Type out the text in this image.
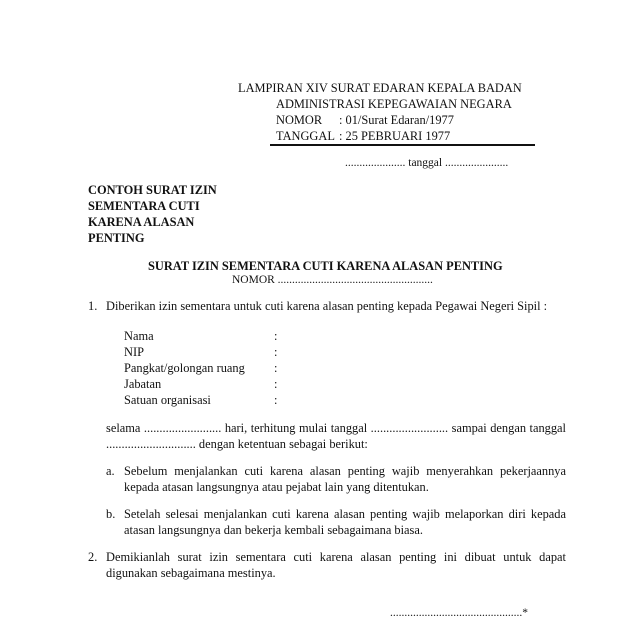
LAMPIRAN XIV SURAT EDARAN KEPALA BADAN
ADMINISTRASI KEPEGAWAIAN NEGARA
NOMOR : 01/Surat Edaran/1977
TANGGAL : 25 PEBRUARI 1977
..................... tanggal ......................
CONTOH SURAT IZIN
SEMENTARA CUTI
KARENA ALASAN
PENTING
SURAT IZIN SEMENTARA CUTI KARENA ALASAN PENTING
NOMOR ......................................................
1. Diberikan izin sementara untuk cuti karena alasan penting kepada Pegawai Negeri Sipil :
Nama	:
NIP	:
Pangkat/golongan ruang :
Jabatan	:
Satuan organisasi	:
selama ......................... hari, terhitung mulai tanggal ......................... sampai dengan tanggal
............................. dengan ketentuan sebagai berikut:
a. Sebelum menjalankan cuti karena alasan penting wajib menyerahkan pekerjaannya
kepada atasan langsungnya atau pejabat lain yang ditentukan.
b. Setelah selesai menjalankan cuti karena alasan penting wajib melaporkan diri kepada
atasan langsungnya dan bekerja kembali sebagaimana biasa.
2. Demikianlah surat izin sementara cuti karena alasan penting ini dibuat untuk dapat
digunakan sebagaimana mestinya.
..............................................*
